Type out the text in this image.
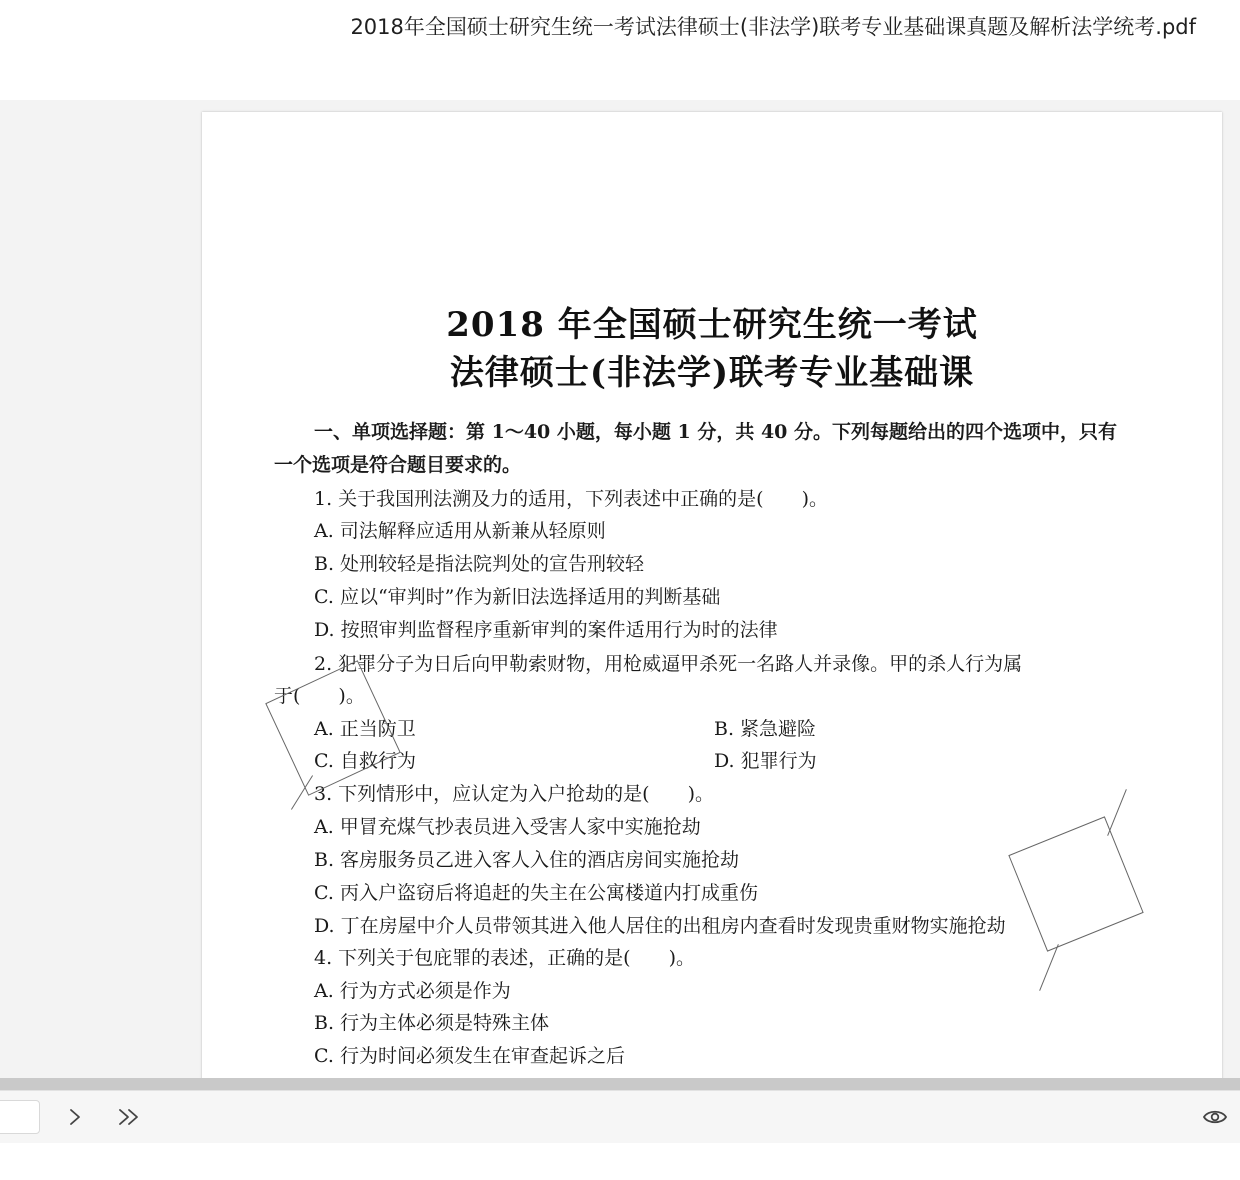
2018年全国硕士研究生统一考试法律硕士(非法学)联考专业基础课真题及解析法学统考.pdf
2018 年全国硕士研究生统一考试
法律硕士(非法学)联考专业基础课
一、单项选择题：第 1～40 小题，每小题 1 分，共 40 分。下列每题给出的四个选项中，只有
一个选项是符合题目要求的。
1. 关于我国刑法溯及力的适用，下列表述中正确的是(　　)。
A. 司法解释应适用从新兼从轻原则
B. 处刑较轻是指法院判处的宣告刑较轻
C. 应以“审判时”作为新旧法选择适用的判断基础
D. 按照审判监督程序重新审判的案件适用行为时的法律
2. 犯罪分子为日后向甲勒索财物，用枪威逼甲杀死一名路人并录像。甲的杀人行为属
于(　　)。
A. 正当防卫	B. 紧急避险
C. 自救行为	D. 犯罪行为
3. 下列情形中，应认定为入户抢劫的是(　　)。
A. 甲冒充煤气抄表员进入受害人家中实施抢劫
B. 客房服务员乙进入客人入住的酒店房间实施抢劫
C. 丙入户盗窃后将追赶的失主在公寓楼道内打成重伤
D. 丁在房屋中介人员带领其进入他人居住的出租房内查看时发现贵重财物实施抢劫
4. 下列关于包庇罪的表述，正确的是(　　)。
A. 行为方式必须是作为
B. 行为主体必须是特殊主体
C. 行为时间必须发生在审查起诉之后
